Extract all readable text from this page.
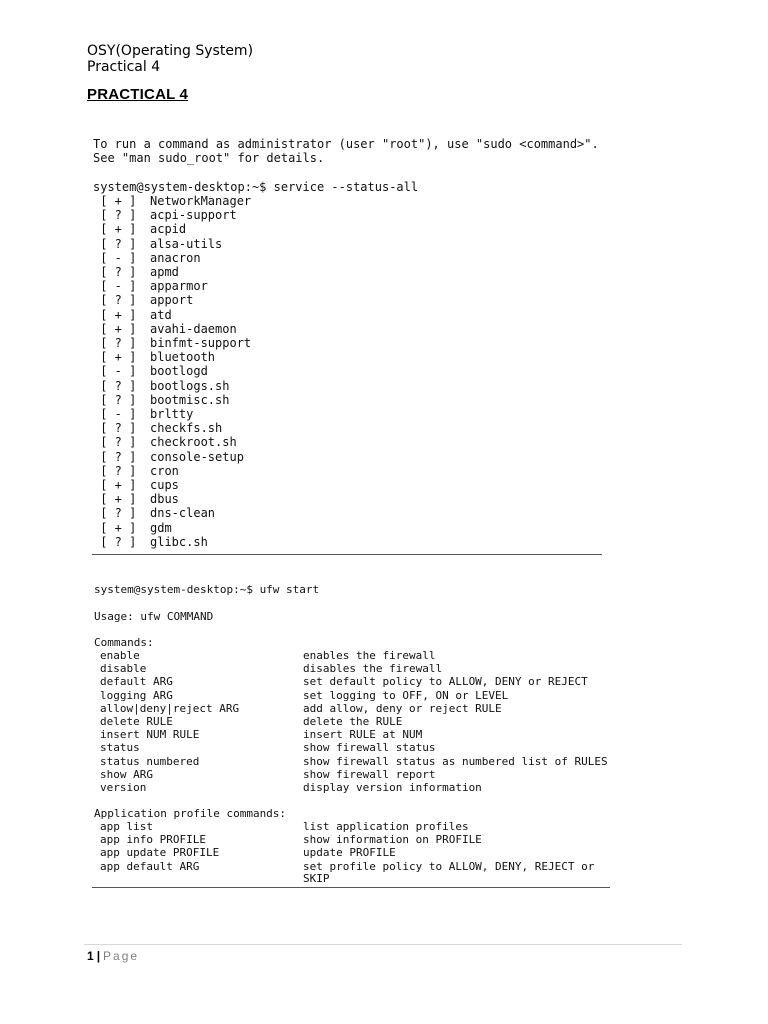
OSY(Operating System)
Practical 4
PRACTICAL 4

To run a command as administrator (user "root"), use "sudo <command>".

See "man sudo_root" for details.

system@system-desktop:~$ service --status-all

[ + ] NetworkManager
[ ? ] acpi-support
[ + ] acpid
[ ? ] alsa-utils
[ - ] anacron
[ ? ] apmd
[ - ] apparmor
[ ? ] apport
[ + ] atd
[ + ] avahi-daemon
[ ? ] binfmt-support
[ + ] bluetooth
[ - ] bootlogd
[ ? ] bootlogs.sh
[ ? ] bootmisc.sh
[ - ] brltty
[ ? ] checkfs.sh
[ ? ] checkroot.sh
[ ? ] console-setup
[ ? ] cron
[ + ] cups
[ + ] dbus
[ ? ] dns-clean
[ + ] gdm
[ ? ] glibc.sh

system@system-desktop:~$ ufw start

Usage: ufw COMMAND

Commands:

enable	enables the firewall
disable	disables the firewall
default ARG	set default policy to ALLOW, DENY or REJECT
logging ARG	set logging to OFF, ON or LEVEL
allow|deny|reject ARG	add allow, deny or reject RULE
delete RULE	delete the RULE
insert NUM RULE	insert RULE at NUM
status	show firewall status
status numbered	show firewall status as numbered list of RULES
show ARG	show firewall report
version	display version information

Application profile commands:

app list	list application profiles
app info PROFILE	show information on PROFILE
app update PROFILE	update PROFILE
app default ARG	set profile policy to ALLOW, DENY, REJECT or

SKIP

1 | Page
